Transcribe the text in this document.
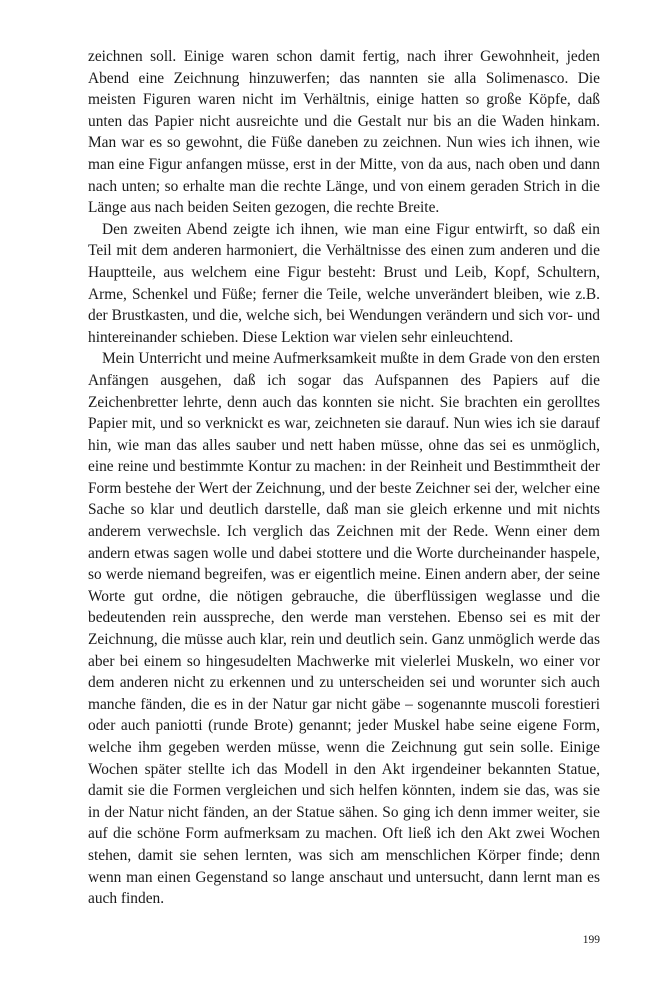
zeichnen soll. Einige waren schon damit fertig, nach ihrer Gewohnheit, jeden Abend eine Zeichnung hinzuwerfen; das nannten sie alla Solimenasco. Die meisten Figuren waren nicht im Verhältnis, einige hatten so große Köpfe, daß unten das Papier nicht ausreichte und die Gestalt nur bis an die Waden hinkam. Man war es so gewohnt, die Füße daneben zu zeichnen. Nun wies ich ihnen, wie man eine Figur anfangen müsse, erst in der Mitte, von da aus, nach oben und dann nach unten; so erhalte man die rechte Länge, und von einem geraden Strich in die Länge aus nach beiden Seiten gezogen, die rechte Breite.

Den zweiten Abend zeigte ich ihnen, wie man eine Figur entwirft, so daß ein Teil mit dem anderen harmoniert, die Verhältnisse des einen zum anderen und die Hauptteile, aus welchem eine Figur besteht: Brust und Leib, Kopf, Schultern, Arme, Schenkel und Füße; ferner die Teile, welche unverändert bleiben, wie z.B. der Brustkasten, und die, welche sich, bei Wendungen verändern und sich vor- und hintereinander schieben. Diese Lektion war vielen sehr einleuchtend.

Mein Unterricht und meine Aufmerksamkeit mußte in dem Grade von den ersten Anfängen ausgehen, daß ich sogar das Aufspannen des Papiers auf die Zeichenbretter lehrte, denn auch das konnten sie nicht. Sie brachten ein gerolltes Papier mit, und so verknickt es war, zeichneten sie darauf. Nun wies ich sie darauf hin, wie man das alles sauber und nett haben müsse, ohne das sei es unmöglich, eine reine und bestimmte Kontur zu machen: in der Reinheit und Bestimmtheit der Form bestehe der Wert der Zeichnung, und der beste Zeichner sei der, welcher eine Sache so klar und deutlich darstelle, daß man sie gleich erkenne und mit nichts anderem verwechsle. Ich verglich das Zeichnen mit der Rede. Wenn einer dem andern etwas sagen wolle und dabei stottere und die Worte durcheinander haspele, so werde niemand begreifen, was er eigentlich meine. Einen andern aber, der seine Worte gut ordne, die nötigen gebrauche, die überflüssigen weglasse und die bedeutenden rein ausspreche, den werde man verstehen. Ebenso sei es mit der Zeichnung, die müsse auch klar, rein und deutlich sein. Ganz unmöglich werde das aber bei einem so hingesudelten Machwerke mit vielerlei Muskeln, wo einer vor dem anderen nicht zu erkennen und zu unterscheiden sei und worunter sich auch manche fänden, die es in der Natur gar nicht gäbe – sogenannte muscoli forestieri oder auch paniotti (runde Brote) genannt; jeder Muskel habe seine eigene Form, welche ihm gegeben werden müsse, wenn die Zeichnung gut sein solle. Einige Wochen später stellte ich das Modell in den Akt irgendeiner bekannten Statue, damit sie die Formen vergleichen und sich helfen könnten, indem sie das, was sie in der Natur nicht fänden, an der Statue sähen. So ging ich denn immer weiter, sie auf die schöne Form aufmerksam zu machen. Oft ließ ich den Akt zwei Wochen stehen, damit sie sehen lernten, was sich am menschlichen Körper finde; denn wenn man einen Gegenstand so lange anschaut und untersucht, dann lernt man es auch finden.

199
